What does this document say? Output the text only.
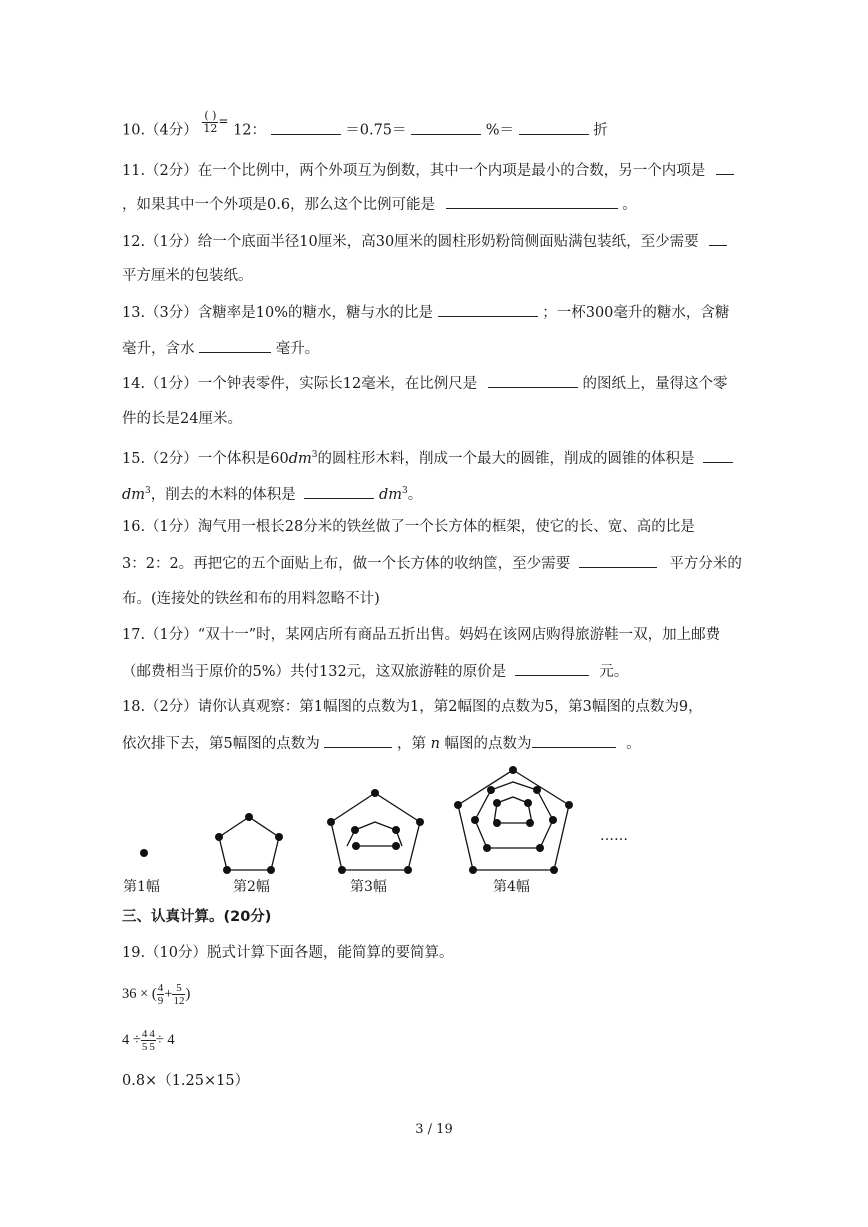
10.（4分） $\frac{( )}{12} ^=$ 12：	＝0.75＝	%＝	折
11.（2分）在一个比例中，两个外项互为倒数，其中一个内项是最小的合数，另一个内项是
，如果其中一个外项是0.6，那么这个比例可能是	。
12.（1分）给一个底面半径10厘米，高30厘米的圆柱形奶粉筒侧面贴满包装纸，至少需要
平方厘米的包装纸。
13.（3分）含糖率是10%的糖水，糖与水的比是	；一杯300毫升的糖水，含糖
毫升，含水	毫升。
14.（1分）一个钟表零件，实际长12毫米，在比例尺是	的图纸上，量得这个零
件的长是24厘米。
15.（2分）一个体积是$60dm^3$的圆柱形木料，削成一个最大的圆锥，削成的圆锥的体积是
$dm^3$，削去的木料的体积是	$dm^3$。
16.（1分）淘气用一根长28分米的铁丝做了一个长方体的框架，使它的长、宽、高的比是
3：2：2。再把它的五个面贴上布，做一个长方体的收纳筐，至少需要	平方分米的
布。(连接处的铁丝和布的用料忽略不计)
17.（1分）“双十一”时，某网店所有商品五折出售。妈妈在该网店购得旅游鞋一双，加上邮费
（邮费相当于原价的5%）共付132元，这双旅游鞋的原价是	元。
18.（2分）请你认真观察：第1幅图的点数为1，第2幅图的点数为5，第3幅图的点数为9，
依次排下去，第5幅图的点数为	，第 n 幅图的点数为	。
……
第1幅	第2幅	第3幅	第4幅
三、认真计算。(20分)
19.（10分）脱式计算下面各题，能简算的要简算。
36 × ( $\frac{4}{9} + \frac{5}{12}$ )
$4 \div \frac{4}{5} \frac{4}{5} \div 4$
0.8×（1.25×15）
3 / 19
